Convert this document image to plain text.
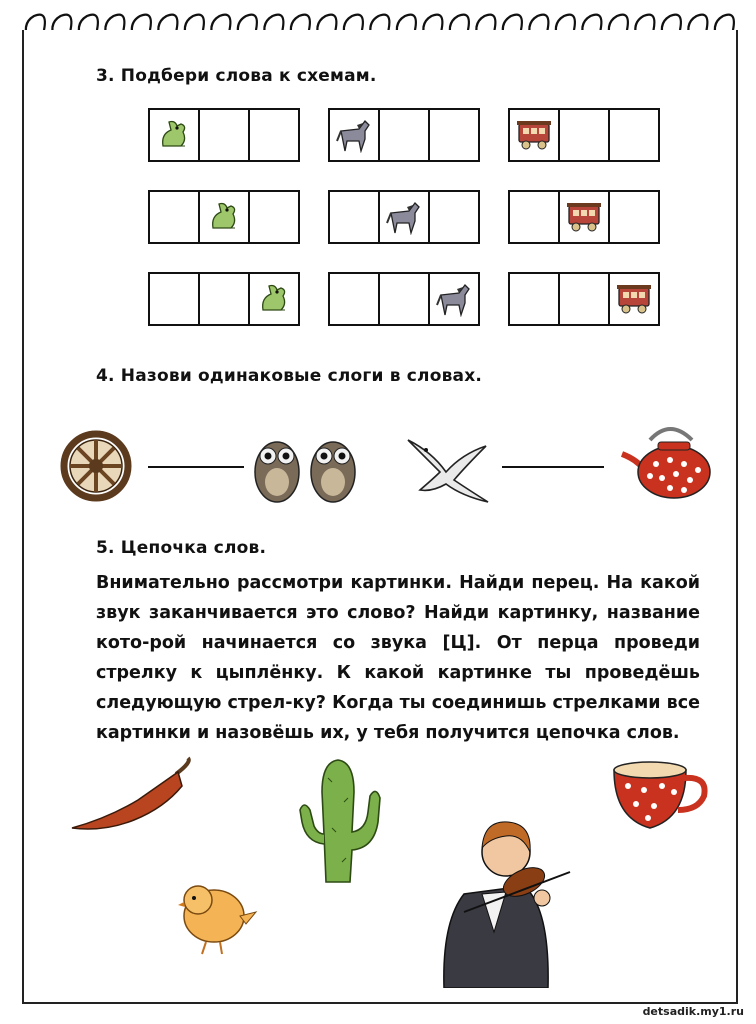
3. Подбери слова к схемам.
4. Назови одинаковые слоги в словах.
5. Цепочка слов.

Внимательно рассмотри картинки. Найди перец. На какой звук заканчивается это слово? Найди картинку, название кото-рой начинается со звука [Ц]. От перца проведи стрелку к цыплёнку. К какой картинке ты проведёшь следующую стрел-ку? Когда ты соединишь стрелками все картинки и назовёшь их, у тебя получится цепочка слов.

detsadik.my1.ru
